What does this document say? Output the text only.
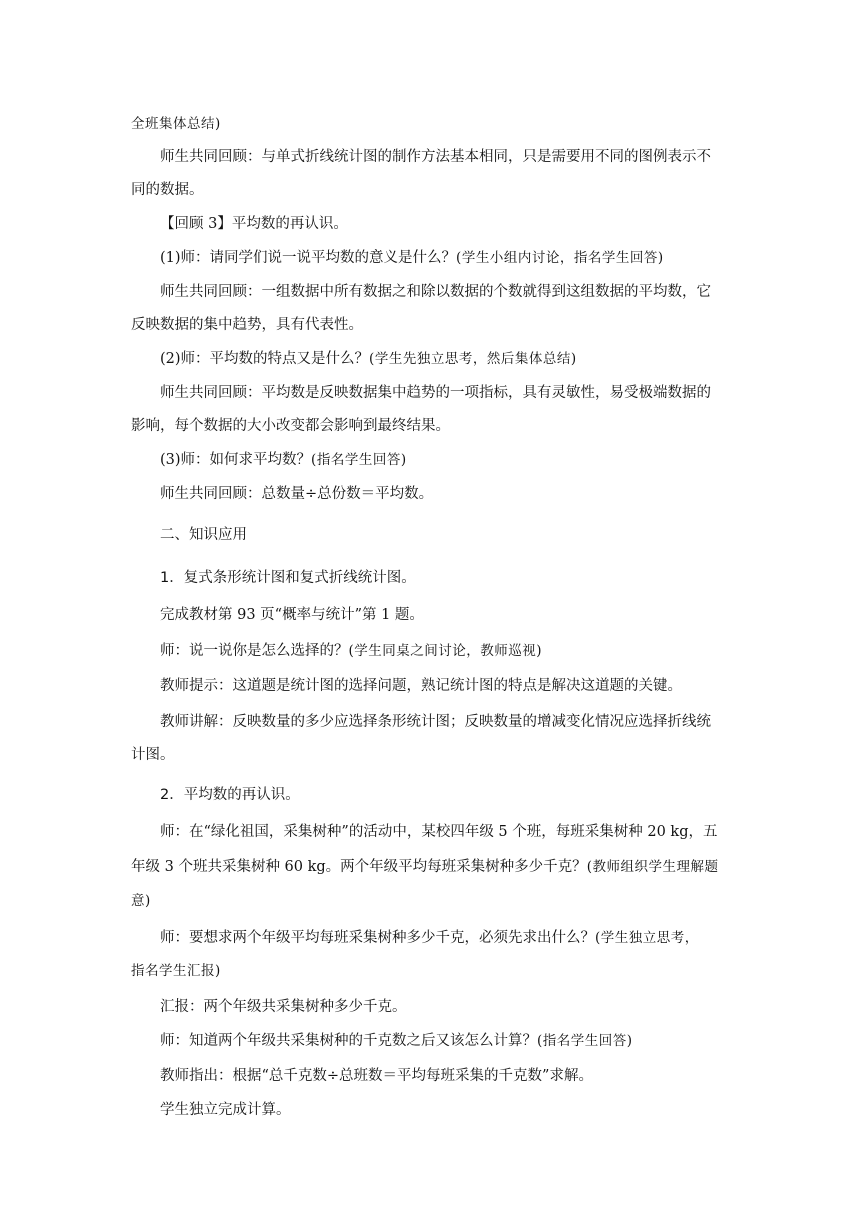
全班集体总结)
师生共同回顾：与单式折线统计图的制作方法基本相同，只是需要用不同的图例表示不
同的数据。
【回顾 3】平均数的再认识。
(1)师：请同学们说一说平均数的意义是什么？(学生小组内讨论，指名学生回答)
师生共同回顾：一组数据中所有数据之和除以数据的个数就得到这组数据的平均数，它
反映数据的集中趋势，具有代表性。
(2)师：平均数的特点又是什么？(学生先独立思考，然后集体总结)
师生共同回顾：平均数是反映数据集中趋势的一项指标，具有灵敏性，易受极端数据的
影响，每个数据的大小改变都会影响到最终结果。
(3)师：如何求平均数？(指名学生回答)
师生共同回顾：总数量÷总份数＝平均数。
二、知识应用
1．复式条形统计图和复式折线统计图。
完成教材第 93 页“概率与统计”第 1 题。
师：说一说你是怎么选择的？(学生同桌之间讨论，教师巡视)
教师提示：这道题是统计图的选择问题，熟记统计图的特点是解决这道题的关键。
教师讲解：反映数量的多少应选择条形统计图；反映数量的增减变化情况应选择折线统
计图。
2．平均数的再认识。
师：在“绿化祖国，采集树种”的活动中，某校四年级 5 个班，每班采集树种 20 kg，五
年级 3 个班共采集树种 60 kg。两个年级平均每班采集树种多少千克？(教师组织学生理解题
意)
师：要想求两个年级平均每班采集树种多少千克，必须先求出什么？(学生独立思考，
指名学生汇报)
汇报：两个年级共采集树种多少千克。
师：知道两个年级共采集树种的千克数之后又该怎么计算？(指名学生回答)
教师指出：根据“总千克数÷总班数＝平均每班采集的千克数”求解。
学生独立完成计算。
